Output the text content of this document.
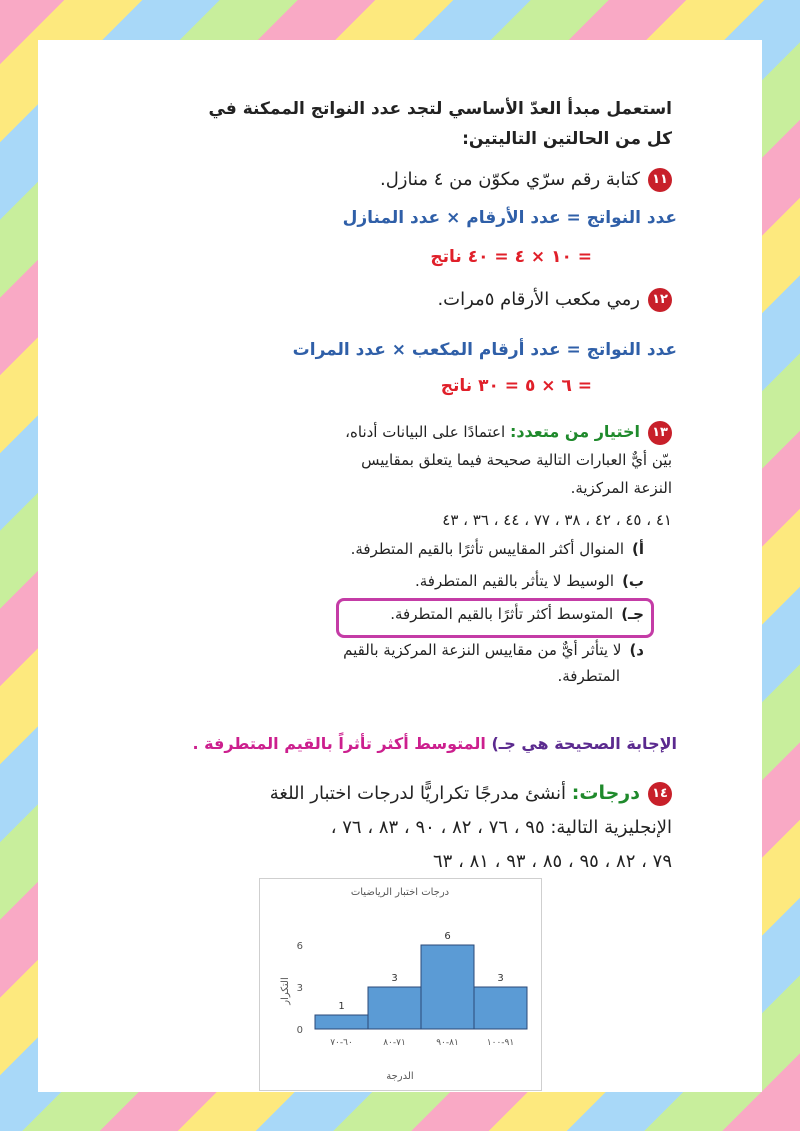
استعمل مبدأ العدّ الأساسي لتجد عدد النواتج الممكنة في
كل من الحالتين التاليتين:
١١كتابة رقم سرّي مكوّن من ٤ منازل.
عدد النواتج = عدد الأرقام × عدد المنازل
= ١٠ × ٤ = ٤٠ ناتج
١٢رمي مكعب الأرقام ٥مرات.
عدد النواتج = عدد أرقام المكعب × عدد المرات
= ٦ × ٥ = ٣٠ ناتج
١٣اختيار من متعدد: اعتمادًا على البيانات أدناه،
بيّن أيٌّ العبارات التالية صحيحة فيما يتعلق بمقاييس
النزعة المركزية.
٤١ ، ٤٥ ، ٤٢ ، ٣٨ ، ٧٧ ، ٤٤ ، ٣٦ ، ٤٣
أ)المنوال أكثر المقاييس تأثرًا بالقيم المتطرفة.
ب)الوسيط لا يتأثر بالقيم المتطرفة.
جـ)المتوسط أكثر تأثرًا بالقيم المتطرفة.
د)لا يتأثر أيٌّ من مقاييس النزعة المركزية بالقيم
المتطرفة.
الإجابة الصحيحة هي جـ) المتوسط أكثر تأثراً بالقيم المتطرفة .
١٤درجات: أنشئ مدرجًا تكراريًّا لدرجات اختبار اللغة
الإنجليزية التالية: ٩٥ ، ٧٦ ، ٨٢ ، ٩٠ ، ٨٣ ، ٧٦ ،
٧٩ ، ٨٢ ، ٩٥ ، ٨٥ ، ٩٣ ، ٨١ ، ٦٣
درجات اختبار الرياضيات
التكرار
الدرجة
0
3
6
1
٦٠-٧٠
3
٧١-٨٠
6
٨١-٩٠
3
٩١-١٠٠
